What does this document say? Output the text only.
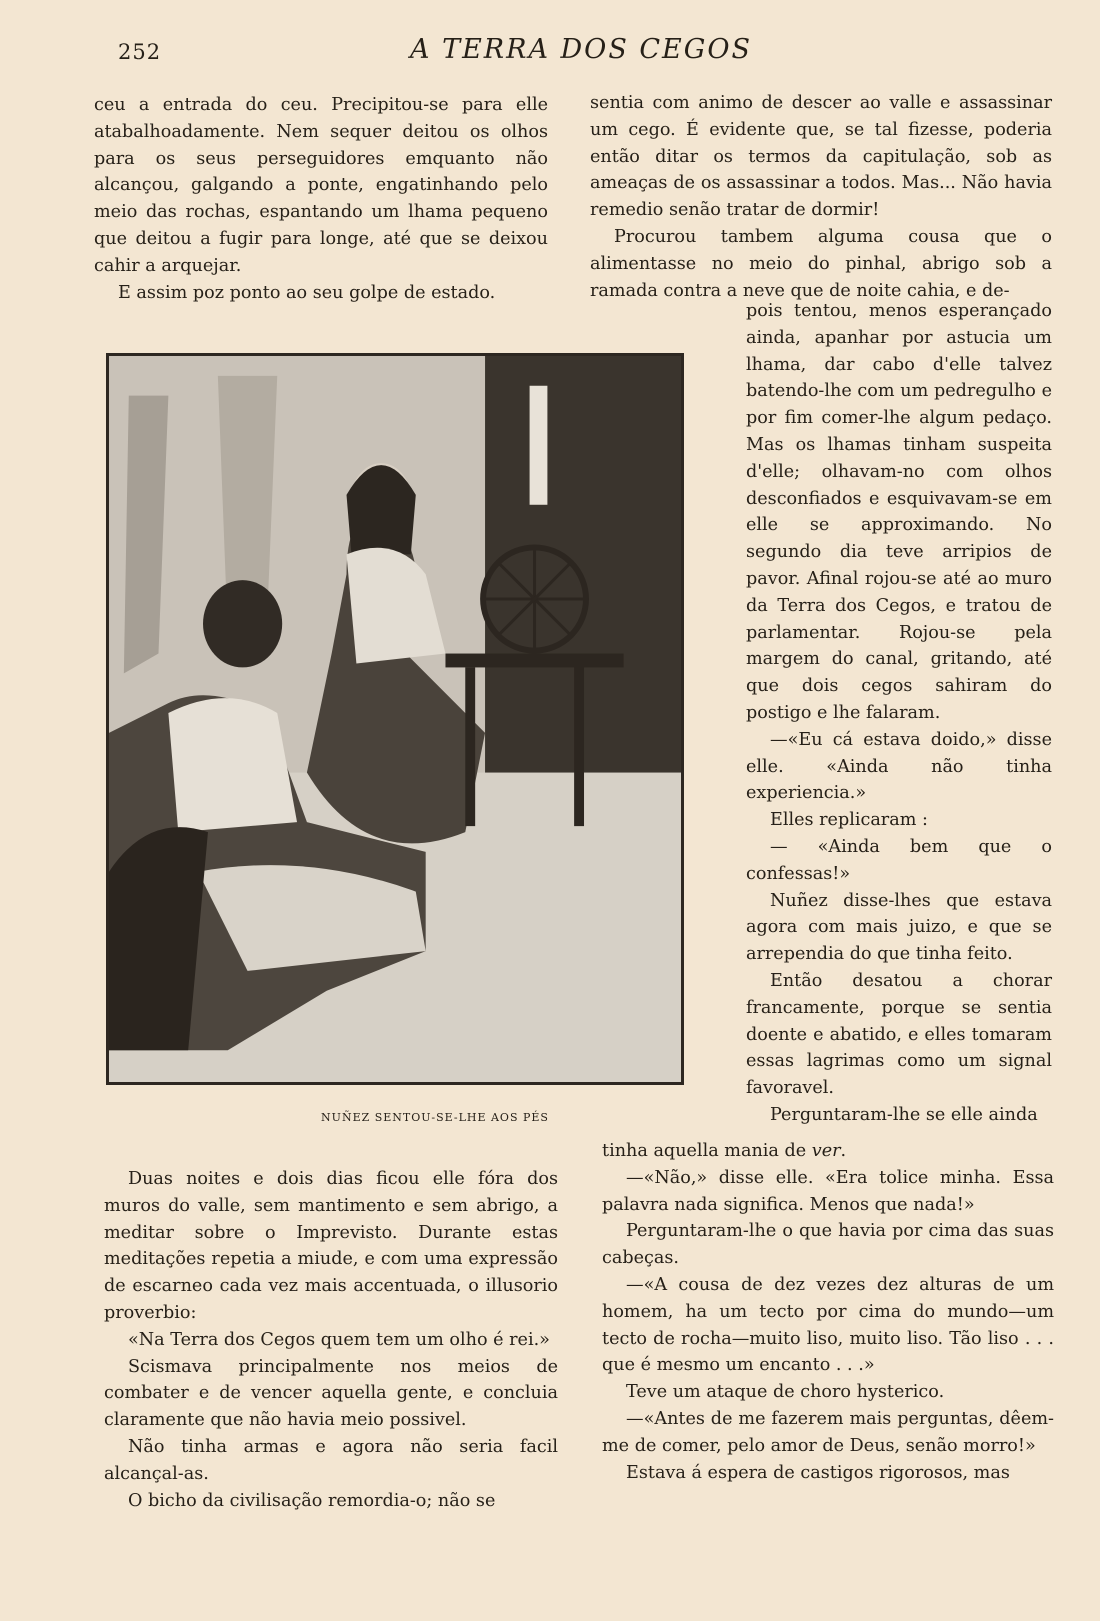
252	A TERRA DOS CEGOS

ceu a entrada do ceu. Precipitou-se para elle atabalhoadamente. Nem sequer deitou os olhos para os seus perseguidores emquanto não alcançou, galgando a ponte, engatinhando pelo meio das rochas, espantando um lhama pequeno que deitou a fugir para longe, até que se deixou cahir a arquejar.

E assim poz ponto ao seu golpe de estado.

sentia com animo de descer ao valle e assassinar um cego. É evidente que, se tal fizesse, poderia então ditar os termos da capitulação, sob as ameaças de os assassinar a todos. Mas... Não havia remedio senão tratar de dormir!

Procurou tambem alguma cousa que o alimentasse no meio do pinhal, abrigo sob a ramada contra a neve que de noite cahia, e de-

pois tentou, menos esperançado ainda, apanhar por astucia um lhama, dar cabo d'elle talvez batendo-lhe com um pedregulho e por fim comer-lhe algum pedaço. Mas os lhamas tinham suspeita d'elle; olhavam-no com olhos desconfiados e esquivavam-se em elle se approximando. No segundo dia teve arripios de pavor. Afinal rojou-se até ao muro da Terra dos Cegos, e tratou de parlamentar. Rojou-se pela margem do canal, gritando, até que dois cegos sahiram do postigo e lhe falaram.

—«Eu cá estava doido,» disse elle. «Ainda não tinha experiencia.»

Elles replicaram :

— «Ainda bem que o confessas!»

Nuñez disse-lhes que estava agora com mais juizo, e que se arrependia do que tinha feito.

Então desatou a chorar francamente, porque se sentia doente e abatido, e elles tomaram essas lagrimas como um signal favoravel.

Perguntaram-lhe se elle ainda

NUÑEZ SENTOU-SE-LHE AOS PÉS

Duas noites e dois dias ficou elle fóra dos muros do valle, sem mantimento e sem abrigo, a meditar sobre o Imprevisto. Durante estas meditações repetia a miude, e com uma expressão de escarneo cada vez mais accentuada, o illusorio proverbio:

«Na Terra dos Cegos quem tem um olho é rei.»

Scismava principalmente nos meios de combater e de vencer aquella gente, e concluia claramente que não havia meio possivel.

Não tinha armas e agora não seria facil alcançal-as.

O bicho da civilisação remordia-o; não se

tinha aquella mania de ver.

—«Não,» disse elle. «Era tolice minha. Essa palavra nada significa. Menos que nada!»

Perguntaram-lhe o que havia por cima das suas cabeças.

—«A cousa de dez vezes dez alturas de um homem, ha um tecto por cima do mundo—um tecto de rocha—muito liso, muito liso. Tão liso . . . que é mesmo um encanto . . .»

Teve um ataque de choro hysterico.

—«Antes de me fazerem mais perguntas, dêem-me de comer, pelo amor de Deus, senão morro!»

Estava á espera de castigos rigorosos, mas
